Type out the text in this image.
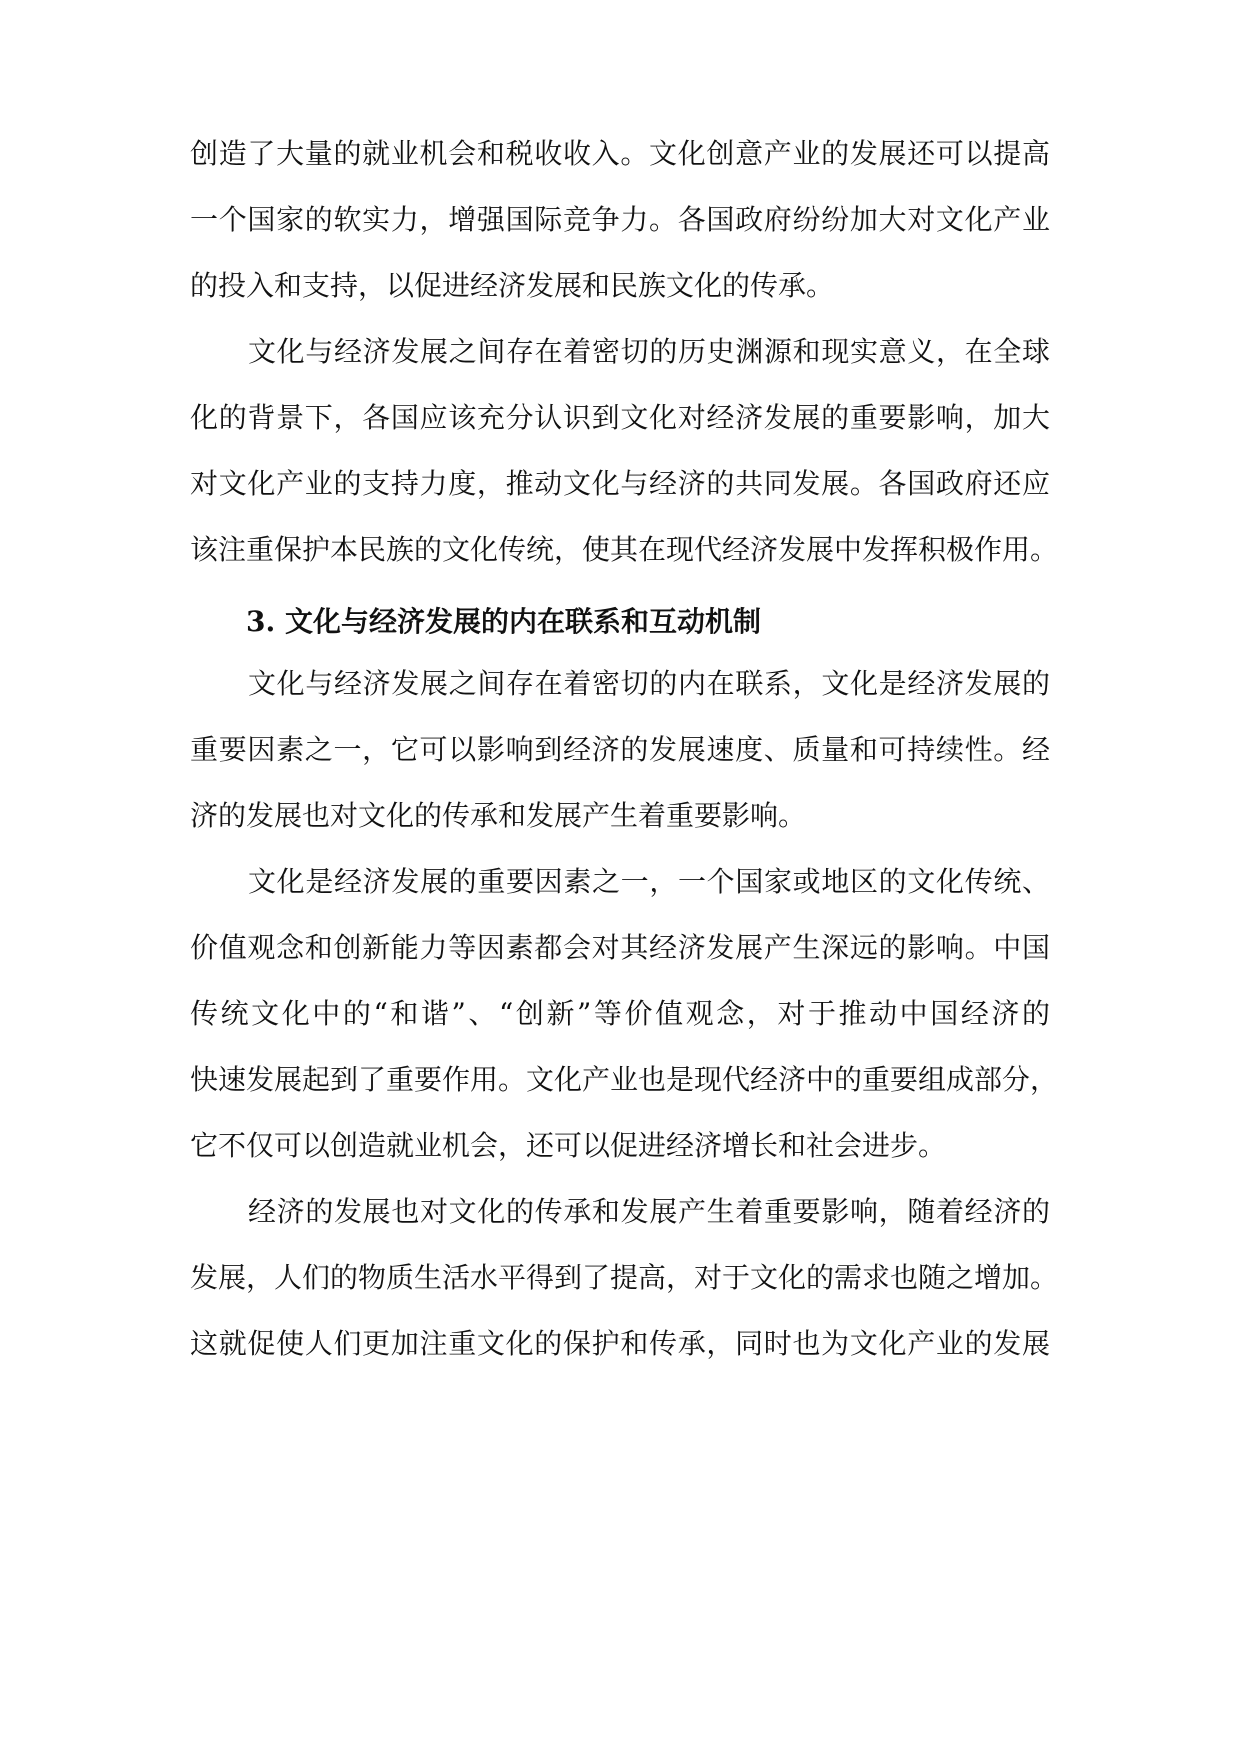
创造了大量的就业机会和税收收入。文化创意产业的发展还可以提高
一个国家的软实力，增强国际竞争力。各国政府纷纷加大对文化产业
的投入和支持，以促进经济发展和民族文化的传承。
文化与经济发展之间存在着密切的历史渊源和现实意义，在全球
化的背景下，各国应该充分认识到文化对经济发展的重要影响，加大
对文化产业的支持力度，推动文化与经济的共同发展。各国政府还应
该注重保护本民族的文化传统，使其在现代经济发展中发挥积极作用。
3. 文化与经济发展的内在联系和互动机制
文化与经济发展之间存在着密切的内在联系，文化是经济发展的
重要因素之一，它可以影响到经济的发展速度、质量和可持续性。经
济的发展也对文化的传承和发展产生着重要影响。
文化是经济发展的重要因素之一，一个国家或地区的文化传统、
价值观念和创新能力等因素都会对其经济发展产生深远的影响。中国
传统文化中的“和谐”、“创新”等价值观念，对于推动中国经济的
快速发展起到了重要作用。文化产业也是现代经济中的重要组成部分，
它不仅可以创造就业机会，还可以促进经济增长和社会进步。
经济的发展也对文化的传承和发展产生着重要影响，随着经济的
发展，人们的物质生活水平得到了提高，对于文化的需求也随之增加。
这就促使人们更加注重文化的保护和传承，同时也为文化产业的发展
